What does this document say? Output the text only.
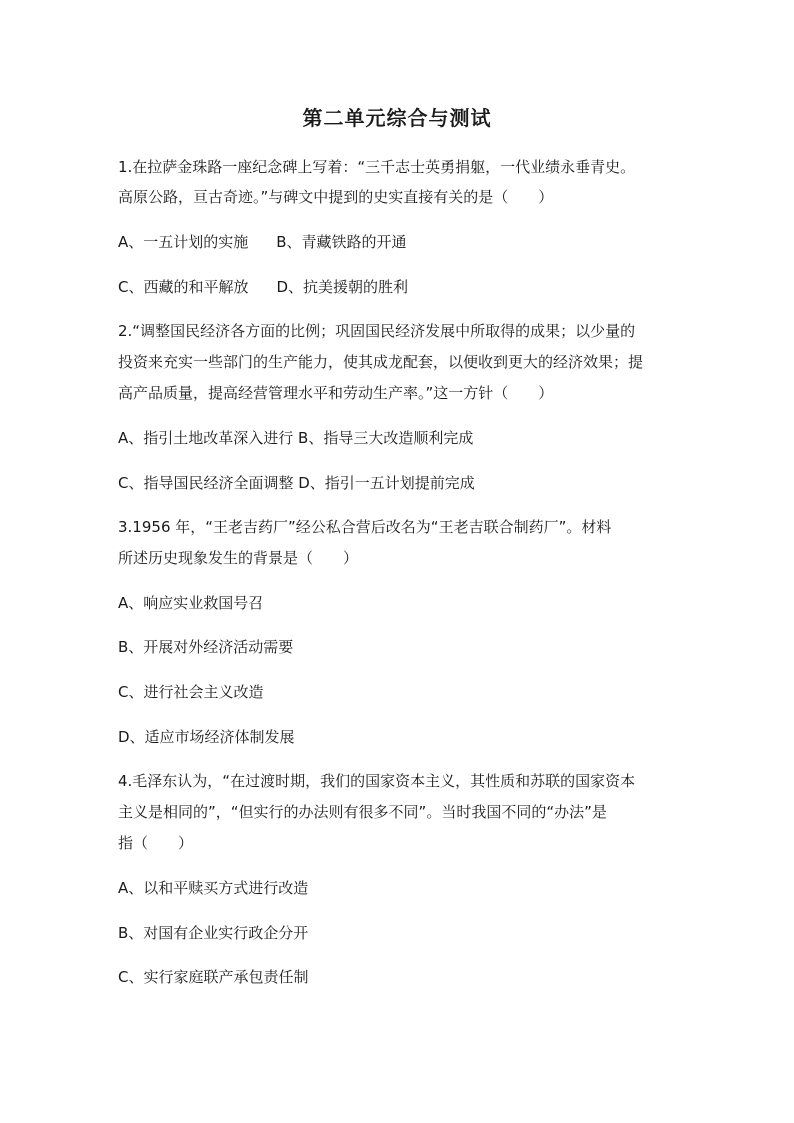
第二单元综合与测试
1.在拉萨金珠路一座纪念碑上写着：“三千志士英勇捐躯，一代业绩永垂青史。
高原公路，亘古奇迹。”与碑文中提到的史实直接有关的是（　　）
A、一五计划的实施 B、青藏铁路的开通
C、西藏的和平解放 D、抗美援朝的胜利
2.“调整国民经济各方面的比例；巩固国民经济发展中所取得的成果；以少量的
投资来充实一些部门的生产能力，使其成龙配套，以便收到更大的经济效果；提
高产品质量，提高经营管理水平和劳动生产率。”这一方针（　　）
A、指引土地改革深入进行 B、指导三大改造顺利完成
C、指导国民经济全面调整 D、指引一五计划提前完成
3.1956 年，“王老吉药厂”经公私合营后改名为“王老吉联合制药厂”。材料
所述历史现象发生的背景是（　　）
A、响应实业救国号召
B、开展对外经济活动需要
C、进行社会主义改造
D、适应市场经济体制发展
4.毛泽东认为，“在过渡时期，我们的国家资本主义，其性质和苏联的国家资本
主义是相同的”，“但实行的办法则有很多不同”。当时我国不同的“办法”是
指（　　）
A、以和平赎买方式进行改造
B、对国有企业实行政企分开
C、实行家庭联产承包责任制
